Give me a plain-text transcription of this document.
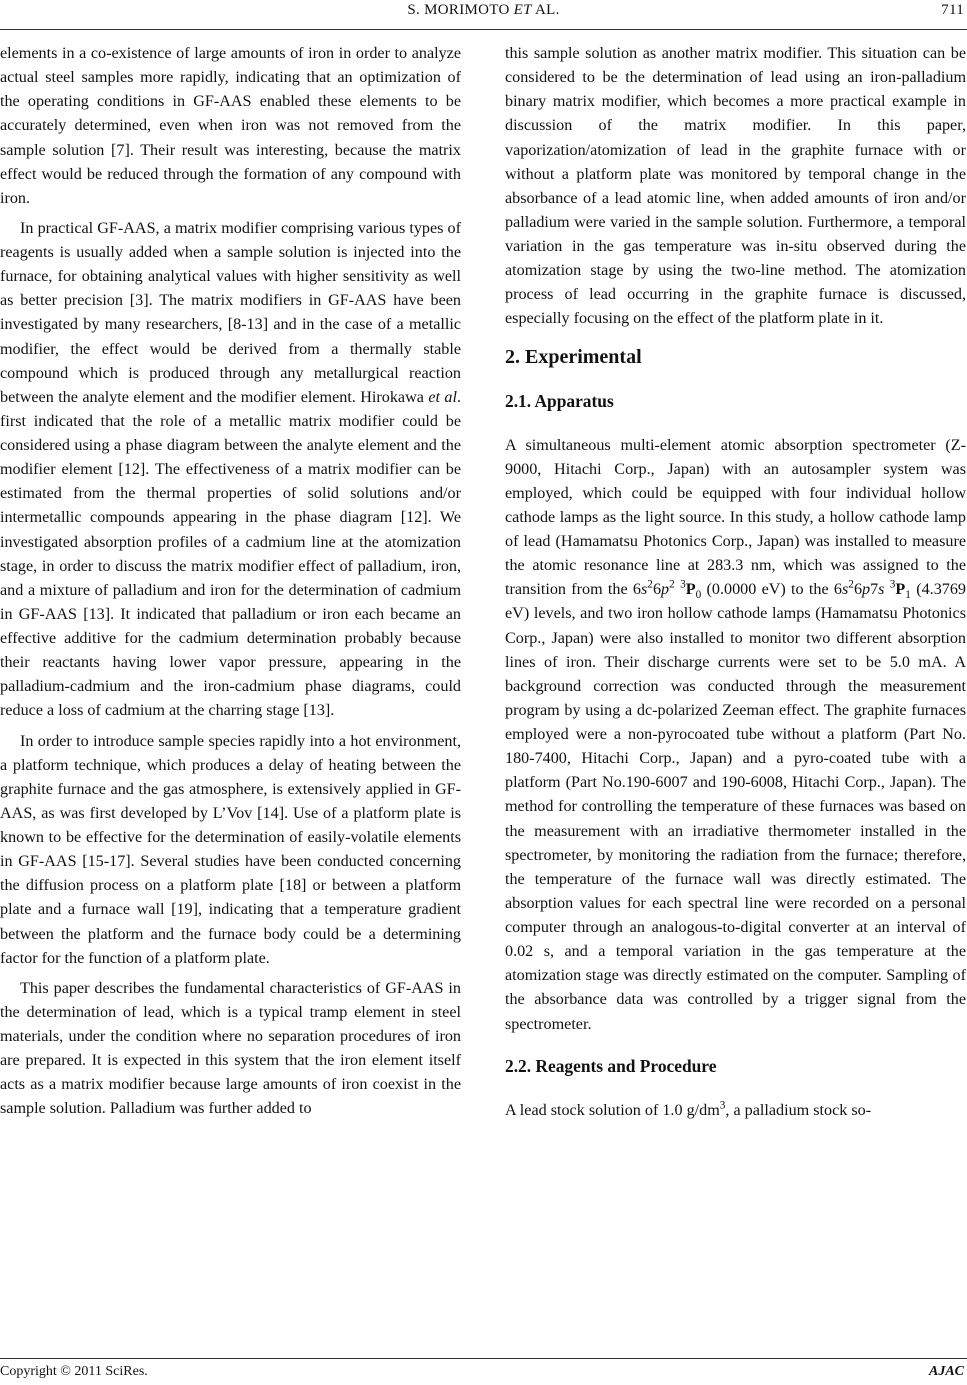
S. MORIMOTO ET AL.	711

elements in a co-existence of large amounts of iron in order to analyze actual steel samples more rapidly, indicating that an optimization of the operating conditions in GF-AAS enabled these elements to be accurately determined, even when iron was not removed from the sample solution [7]. Their result was interesting, because the matrix effect would be reduced through the formation of any compound with iron.

In practical GF-AAS, a matrix modifier comprising various types of reagents is usually added when a sample solution is injected into the furnace, for obtaining analytical values with higher sensitivity as well as better precision [3]. The matrix modifiers in GF-AAS have been investigated by many researchers, [8-13] and in the case of a metallic modifier, the effect would be derived from a thermally stable compound which is produced through any metallurgical reaction between the analyte element and the modifier element. Hirokawa et al. first indicated that the role of a metallic matrix modifier could be considered using a phase diagram between the analyte element and the modifier element [12]. The effectiveness of a matrix modifier can be estimated from the thermal properties of solid solutions and/or intermetallic compounds appearing in the phase diagram [12]. We investigated absorption profiles of a cadmium line at the atomization stage, in order to discuss the matrix modifier effect of palladium, iron, and a mixture of palladium and iron for the determination of cadmium in GF-AAS [13]. It indicated that palladium or iron each became an effective additive for the cadmium determination probably because their reactants having lower vapor pressure, appearing in the palladium-cadmium and the iron-cadmium phase diagrams, could reduce a loss of cadmium at the charring stage [13].

In order to introduce sample species rapidly into a hot environment, a platform technique, which produces a delay of heating between the graphite furnace and the gas atmosphere, is extensively applied in GF-AAS, as was first developed by L’Vov [14]. Use of a platform plate is known to be effective for the determination of easily-volatile elements in GF-AAS [15-17]. Several studies have been conducted concerning the diffusion process on a platform plate [18] or between a platform plate and a furnace wall [19], indicating that a temperature gradient between the platform and the furnace body could be a determining factor for the function of a platform plate.

This paper describes the fundamental characteristics of GF-AAS in the determination of lead, which is a typical tramp element in steel materials, under the condition where no separation procedures of iron are prepared. It is expected in this system that the iron element itself acts as a matrix modifier because large amounts of iron coexist in the sample solution. Palladium was further added to

this sample solution as another matrix modifier. This situation can be considered to be the determination of lead using an iron-palladium binary matrix modifier, which becomes a more practical example in discussion of the matrix modifier. In this paper, vaporization/atomization of lead in the graphite furnace with or without a platform plate was monitored by temporal change in the absorbance of a lead atomic line, when added amounts of iron and/or palladium were varied in the sample solution. Furthermore, a temporal variation in the gas temperature was in-situ observed during the atomization stage by using the two-line method. The atomization process of lead occurring in the graphite furnace is discussed, especially focusing on the effect of the platform plate in it.

2. Experimental
2.1. Apparatus

A simultaneous multi-element atomic absorption spectrometer (Z-9000, Hitachi Corp., Japan) with an autosampler system was employed, which could be equipped with four individual hollow cathode lamps as the light source. In this study, a hollow cathode lamp of lead (Hamamatsu Photonics Corp., Japan) was installed to measure the atomic resonance line at 283.3 nm, which was assigned to the transition from the $6s^26p^2$ $^3P_0$ (0.0000 eV) to the $6s^26p7s$ $^3P_1$ (4.3769 eV) levels, and two iron hollow cathode lamps (Hamamatsu Photonics Corp., Japan) were also installed to monitor two different absorption lines of iron. Their discharge currents were set to be 5.0 mA. A background correction was conducted through the measurement program by using a dc-polarized Zeeman effect. The graphite furnaces employed were a non-pyrocoated tube without a platform (Part No. 180-7400, Hitachi Corp., Japan) and a pyro-coated tube with a platform (Part No.190-6007 and 190-6008, Hitachi Corp., Japan). The method for controlling the temperature of these furnaces was based on the measurement with an irradiative thermometer installed in the spectrometer, by monitoring the radiation from the furnace; therefore, the temperature of the furnace wall was directly estimated. The absorption values for each spectral line were recorded on a personal computer through an analogous-to-digital converter at an interval of 0.02 s, and a temporal variation in the gas temperature at the atomization stage was directly estimated on the computer. Sampling of the absorbance data was controlled by a trigger signal from the spectrometer.

2.2. Reagents and Procedure

A lead stock solution of 1.0 $g/dm^3$, a palladium stock so-

Copyright © 2011 SciRes.	AJAC
